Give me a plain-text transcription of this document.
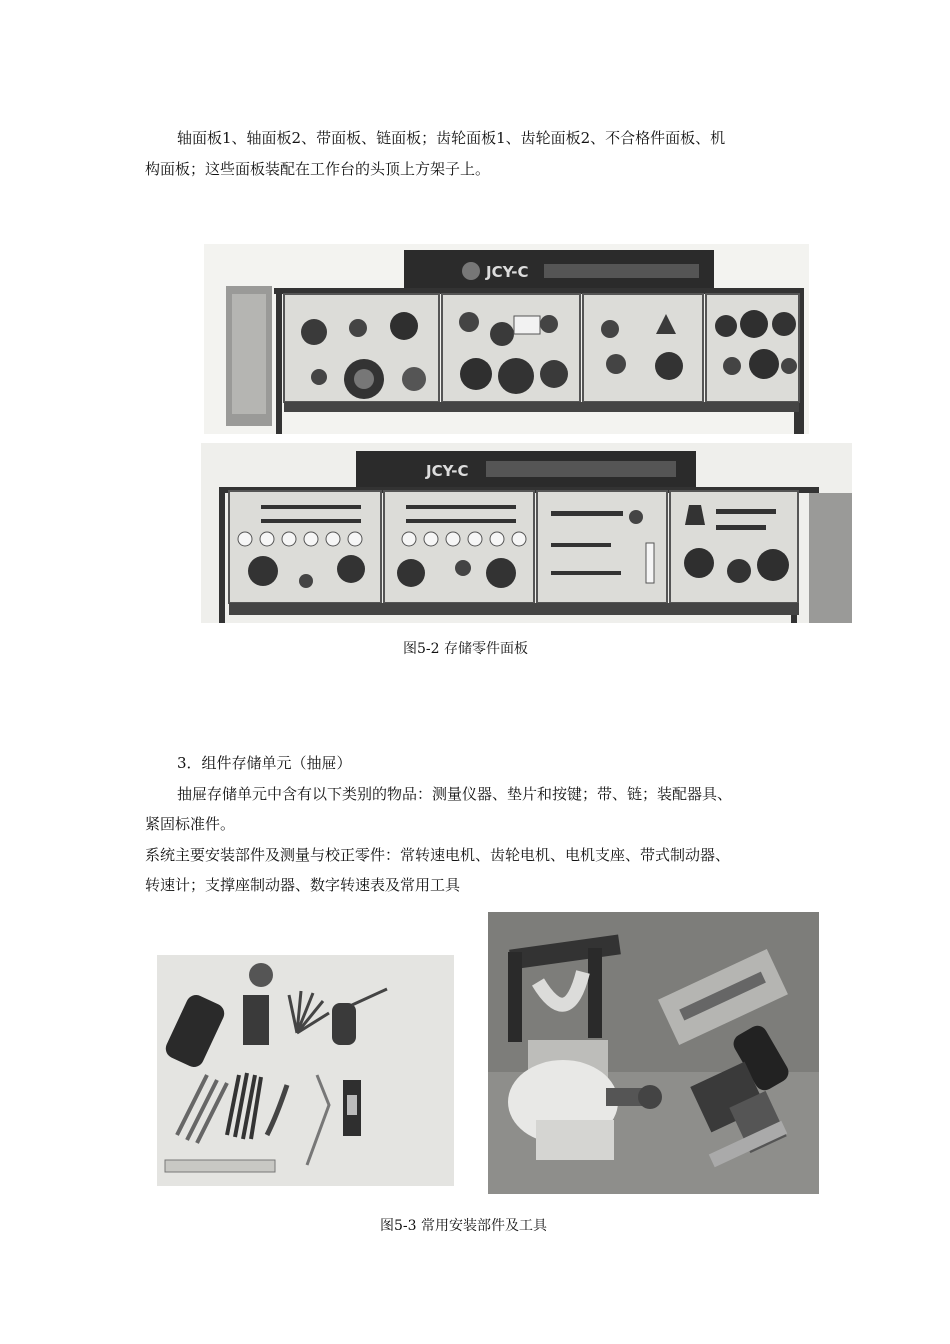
轴面板1、轴面板2、带面板、链面板；齿轮面板1、齿轮面板2、不合格件面板、机

构面板；这些面板装配在工作台的头顶上方架子上。

JCY-C
JCY-C
图5-2 存储零件面板

3．组件存储单元（抽屉）

抽屉存储单元中含有以下类别的物品：测量仪器、垫片和按键；带、链；装配器具、

紧固标准件。

系统主要安装部件及测量与校正零件：常转速电机、齿轮电机、电机支座、带式制动器、

转速计；支撑座制动器、数字转速表及常用工具

图5-3 常用安装部件及工具
